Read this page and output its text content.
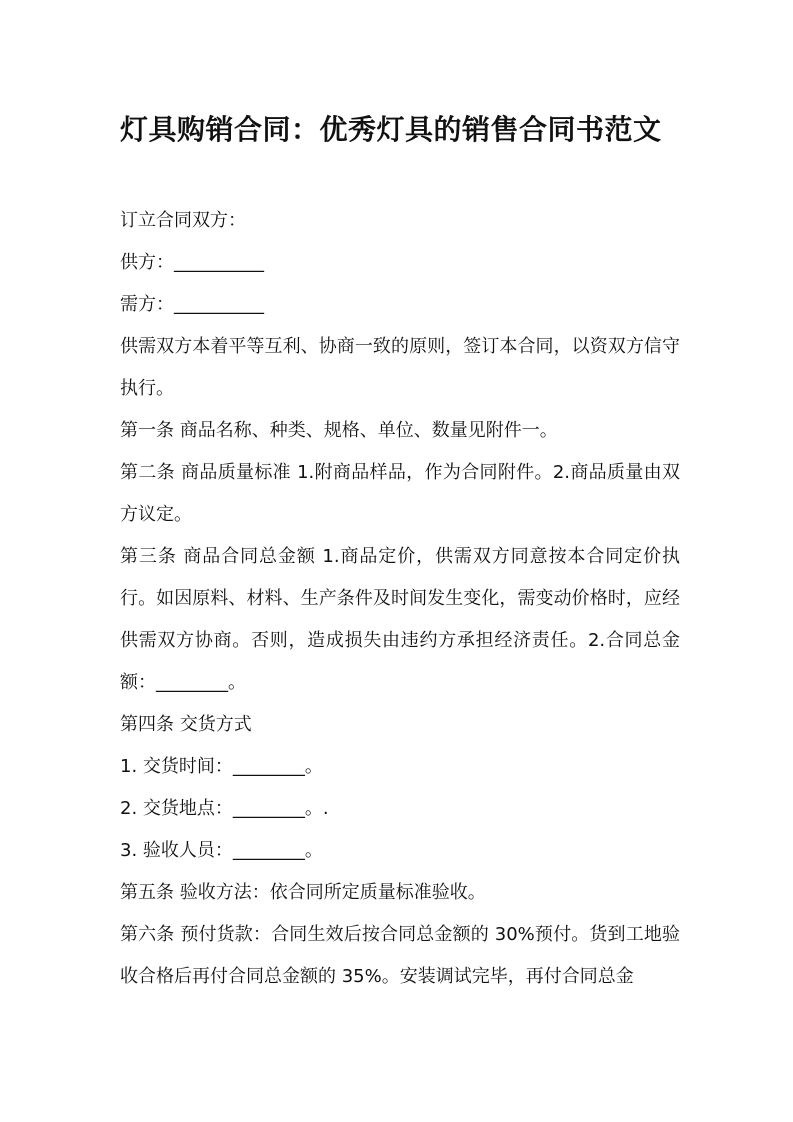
灯具购销合同：优秀灯具的销售合同书范文

订立合同双方：

供方：__________

需方：__________

供需双方本着平等互利、协商一致的原则，签订本合同，以资双方信守执行。

第一条 商品名称、种类、规格、单位、数量见附件一。

第二条 商品质量标准 1.附商品样品，作为合同附件。2.商品质量由双方议定。

第三条 商品合同总金额 1.商品定价，供需双方同意按本合同定价执行。如因原料、材料、生产条件及时间发生变化，需变动价格时，应经供需双方协商。否则，造成损失由违约方承担经济责任。2.合同总金额：________。

第四条 交货方式

1. 交货时间：________。

2. 交货地点：________。.

3. 验收人员：________。

第五条 验收方法：依合同所定质量标准验收。

第六条 预付货款：合同生效后按合同总金额的 30%预付。货到工地验收合格后再付合同总金额的 35%。安装调试完毕，再付合同总金
